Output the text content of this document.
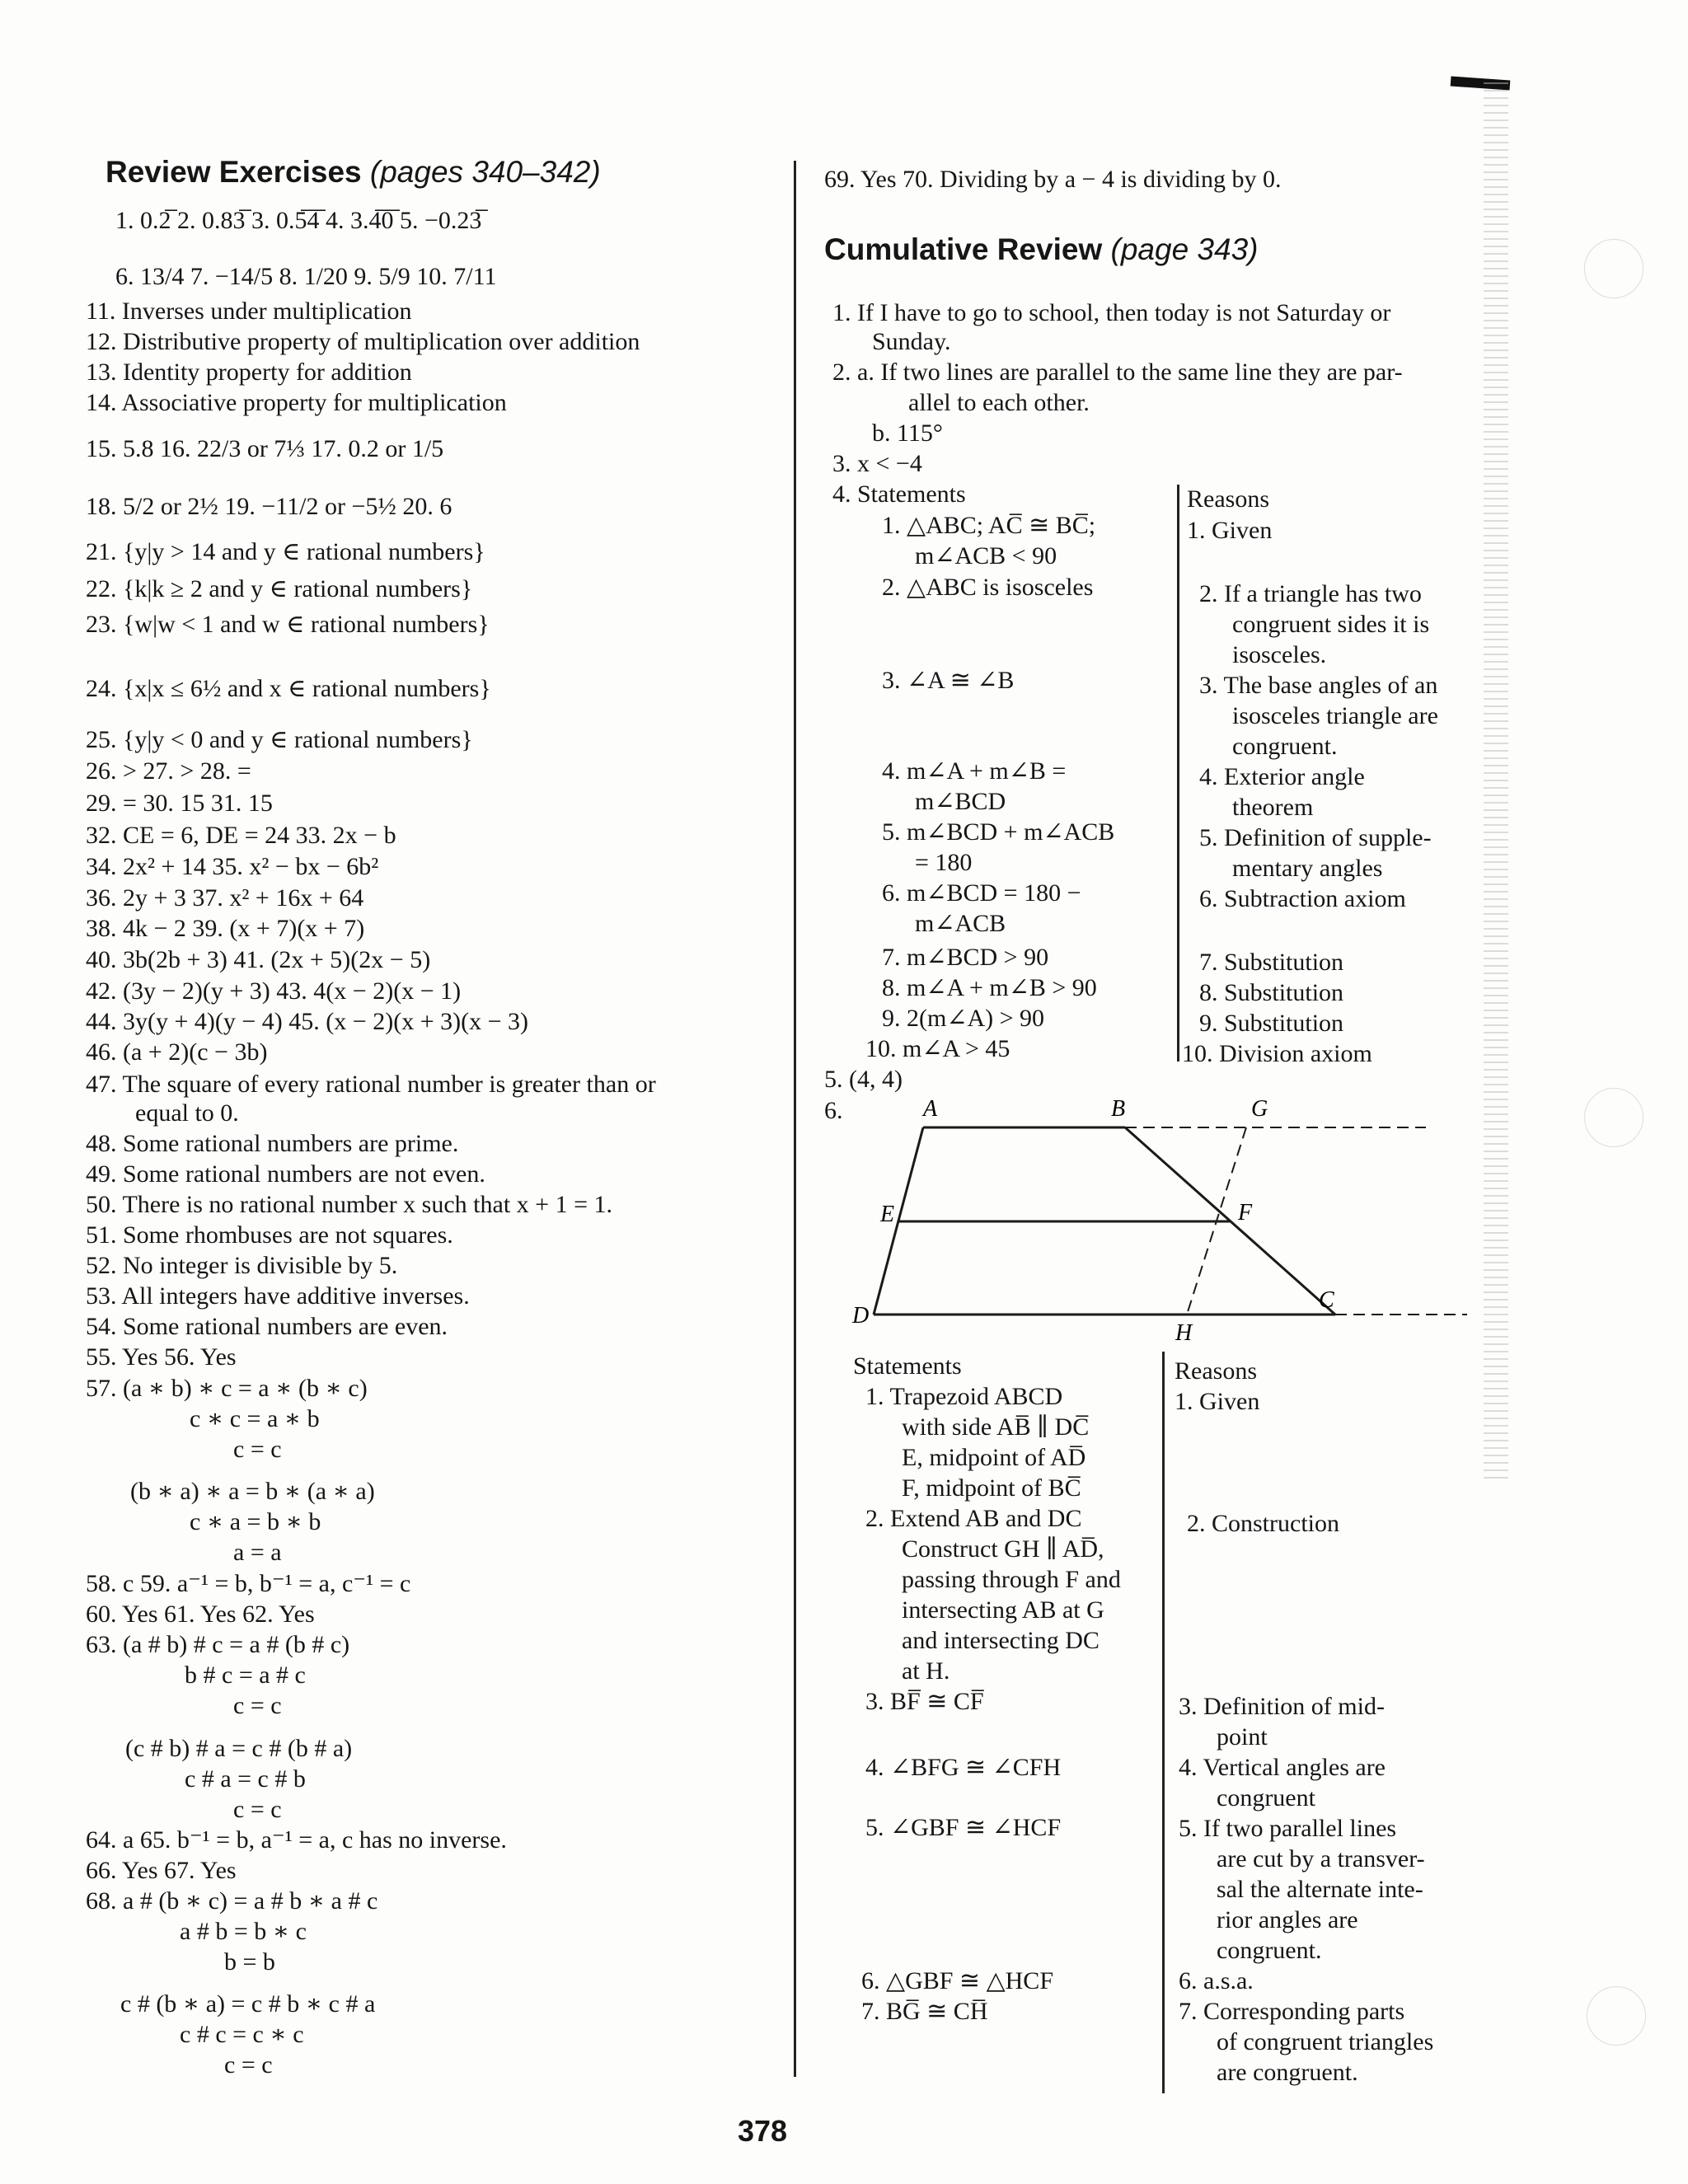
Review Exercises (pages 340–342)
1. 0.2̅ 2. 0.83̅ 3. 0.5̅4̅ 4. 3.4̅0̅ 5. −0.23̅
6. 13/4 7. −14/5 8. 1/20 9. 5/9 10. 7/11
11. Inverses under multiplication
12. Distributive property of multiplication over addition
13. Identity property for addition
14. Associative property for multiplication
15. 5.8 16. 22/3 or 7⅓ 17. 0.2 or 1/5
18. 5/2 or 2½ 19. −11/2 or −5½ 20. 6
21. {y|y > 14 and y ∈ rational numbers}
22. {k|k ≥ 2 and y ∈ rational numbers}
23. {w|w < 1 and w ∈ rational numbers}
24. {x|x ≤ 6½ and x ∈ rational numbers}
25. {y|y < 0 and y ∈ rational numbers}
26. > 27. > 28. =
29. = 30. 15 31. 15
32. CE = 6, DE = 24 33. 2x − b
34. 2x² + 14 35. x² − bx − 6b²
36. 2y + 3 37. x² + 16x + 64
38. 4k − 2 39. (x + 7)(x + 7)
40. 3b(2b + 3) 41. (2x + 5)(2x − 5)
42. (3y − 2)(y + 3) 43. 4(x − 2)(x − 1)
44. 3y(y + 4)(y − 4) 45. (x − 2)(x + 3)(x − 3)
46. (a + 2)(c − 3b)
47. The square of every rational number is greater than or
equal to 0.
48. Some rational numbers are prime.
49. Some rational numbers are not even.
50. There is no rational number x such that x + 1 = 1.
51. Some rhombuses are not squares.
52. No integer is divisible by 5.
53. All integers have additive inverses.
54. Some rational numbers are even.
55. Yes 56. Yes
57. (a ∗ b) ∗ c = a ∗ (b ∗ c)
c ∗ c = a ∗ b
c = c
(b ∗ a) ∗ a = b ∗ (a ∗ a)
c ∗ a = b ∗ b
a = a
58. c 59. a⁻¹ = b, b⁻¹ = a, c⁻¹ = c
60. Yes 61. Yes 62. Yes
63. (a # b) # c = a # (b # c)
b # c = a # c
c = c
(c # b) # a = c # (b # a)
c # a = c # b
c = c
64. a 65. b⁻¹ = b, a⁻¹ = a, c has no inverse.
66. Yes 67. Yes
68. a # (b ∗ c) = a # b ∗ a # c
a # b = b ∗ c
b = b
c # (b ∗ a) = c # b ∗ c # a
c # c = c ∗ c
c = c
69. Yes 70. Dividing by a − 4 is dividing by 0.
Cumulative Review (page 343)
1. If I have to go to school, then today is not Saturday or
Sunday.
2. a. If two lines are parallel to the same line they are par-
allel to each other.
b. 115°
3. x < −4
4. Statements	Reasons
1. △ABC; AC̅ ≅ BC̅;	1. Given
m∠ACB < 90
2. △ABC is isosceles	2. If a triangle has two
congruent sides it is
isosceles.
3. ∠A ≅ ∠B	3. The base angles of an
isosceles triangle are
congruent.
4. m∠A + m∠B =	4. Exterior angle
m∠BCD	theorem
5. m∠BCD + m∠ACB	5. Definition of supple-
= 180	mentary angles
6. m∠BCD = 180 −	6. Subtraction axiom
m∠ACB
7. m∠BCD > 90	7. Substitution
8. m∠A + m∠B > 90	8. Substitution
9. 2(m∠A) > 90	9. Substitution
10. m∠A > 45	10. Division axiom
5. (4, 4)
6.
Statements	Reasons
1. Trapezoid ABCD	1. Given
with side AB̅ ∥ DC̅
E, midpoint of AD̅
F, midpoint of BC̅
2. Extend AB and DC	2. Construction
Construct GH ∥ AD̅,
passing through F and
intersecting AB at G
and intersecting DC
at H.
3. BF̅ ≅ CF̅	3. Definition of mid-
point
4. ∠BFG ≅ ∠CFH	4. Vertical angles are
congruent
5. ∠GBF ≅ ∠HCF	5. If two parallel lines
are cut by a transver-
sal the alternate inte-
rior angles are
congruent.
6. △GBF ≅ △HCF	6. a.s.a.
7. BG̅ ≅ CH̅	7. Corresponding parts
of congruent triangles
are congruent.
A	B	G
E	F
D
H
C
378
